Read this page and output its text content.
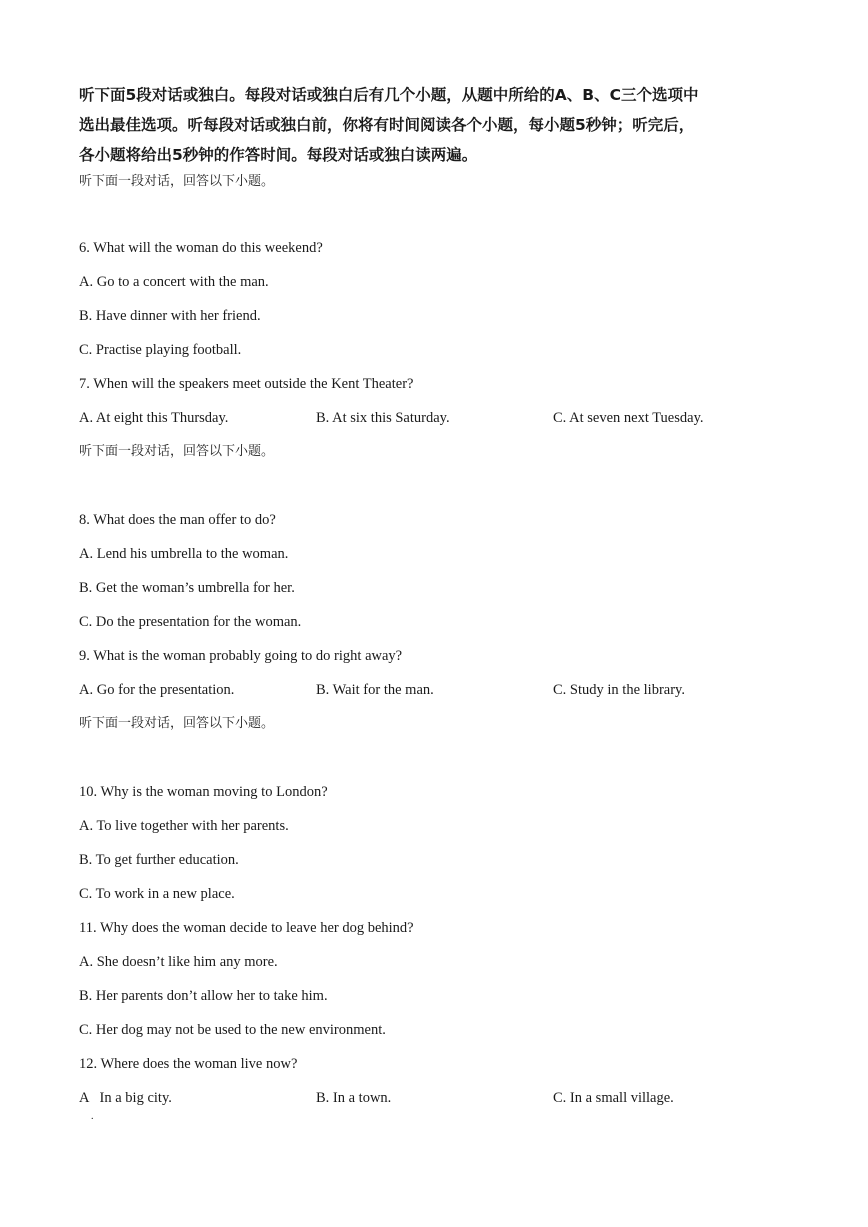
听下面5段对话或独白。每段对话或独白后有几个小题，从题中所给的A、B、C三个选项中

选出最佳选项。听每段对话或独白前，你将有时间阅读各个小题，每小题5秒钟；听完后，

各小题将给出5秒钟的作答时间。每段对话或独白读两遍。

听下面一段对话，回答以下小题。

6. What will the woman do this weekend?

A. Go to a concert with the man.

B. Have dinner with her friend.

C. Practise playing football.

7. When will the speakers meet outside the Kent Theater?

A. At eight this Thursday.	B. At six this Saturday.	C. At seven next Tuesday.

听下面一段对话，回答以下小题。

8. What does the man offer to do?

A. Lend his umbrella to the woman.

B. Get the woman’s umbrella for her.

C. Do the presentation for the woman.

9. What is the woman probably going to do right away?

A. Go for the presentation.	B. Wait for the man.	C. Study in the library.

听下面一段对话，回答以下小题。

10. Why is the woman moving to London?

A. To live together with her parents.

B. To get further education.

C. To work in a new place.

11. Why does the woman decide to leave her dog behind?

A. She doesn’t like him any more.

B. Her parents don’t allow her to take him.

C. Her dog may not be used to the new environment.

12. Where does the woman live now?

A   In a big city.	B. In a town.	C. In a small village.
.
